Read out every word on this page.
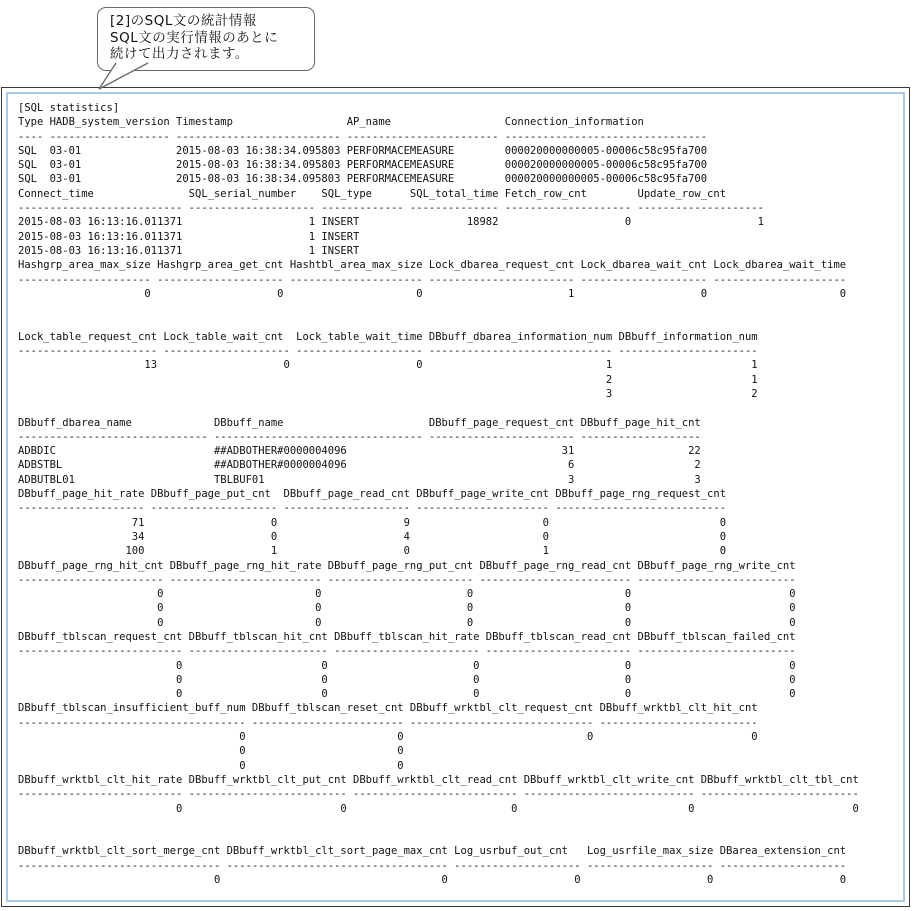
[2]のSQL文の統計情報
SQL文の実行情報のあとに
続けて出力されます。
[SQL statistics]
Type HADB_system_version Timestamp                  AP_name                  Connection_information
---- ------------------- -------------------------- ------------------------ --------------------------------
SQL  03-01               2015-08-03 16:38:34.095803 PERFORMACEMEASURE        000020000000005-00006c58c95fa700
SQL  03-01               2015-08-03 16:38:34.095803 PERFORMACEMEASURE        000020000000005-00006c58c95fa700
SQL  03-01               2015-08-03 16:38:34.095803 PERFORMACEMEASURE        000020000000005-00006c58c95fa700
Connect_time               SQL_serial_number    SQL_type      SQL_total_time Fetch_row_cnt        Update_row_cnt
-------------------------- -------------------- ------------- -------------- -------------------- --------------------
2015-08-03 16:13:16.011371                    1 INSERT                 18982                    0                    1
2015-08-03 16:13:16.011371                    1 INSERT
2015-08-03 16:13:16.011371                    1 INSERT
Hashgrp_area_max_size Hashgrp_area_get_cnt Hashtbl_area_max_size Lock_dbarea_request_cnt Lock_dbarea_wait_cnt Lock_dbarea_wait_time
--------------------- -------------------- --------------------- ----------------------- -------------------- ---------------------
0                    0                     0                       1                    0                     0

Lock_table_request_cnt Lock_table_wait_cnt  Lock_table_wait_time DBbuff_dbarea_information_num DBbuff_information_num
---------------------- -------------------- -------------------- ----------------------------- ----------------------
13                    0                    0                             1                      1
2                      1
3                      2

DBbuff_dbarea_name             DBbuff_name                       DBbuff_page_request_cnt DBbuff_page_hit_cnt
------------------------------ --------------------------------- ----------------------- -------------------
ADBDIC                         ##ADBOTHER#0000004096                                  31                  22
ADBSTBL                        ##ADBOTHER#0000004096                                   6                   2
ADBUTBL01                      TBLBUF01                                                3                   3
DBbuff_page_hit_rate DBbuff_page_put_cnt  DBbuff_page_read_cnt DBbuff_page_write_cnt DBbuff_page_rng_request_cnt
-------------------- -------------------- -------------------- --------------------- ---------------------------
71                    0                    9                     0                           0
34                    0                    4                     0                           0
100                    1                    0                     1                           0
DBbuff_page_rng_hit_cnt DBbuff_page_rng_hit_rate DBbuff_page_rng_put_cnt DBbuff_page_rng_read_cnt DBbuff_page_rng_write_cnt
----------------------- ------------------------ ----------------------- ------------------------ -------------------------
0                        0                       0                        0                         0
0                        0                       0                        0                         0
0                        0                       0                        0                         0
DBbuff_tblscan_request_cnt DBbuff_tblscan_hit_cnt DBbuff_tblscan_hit_rate DBbuff_tblscan_read_cnt DBbuff_tblscan_failed_cnt
-------------------------- ---------------------- ----------------------- ----------------------- -------------------------
0                      0                       0                       0                         0
0                      0                       0                       0                         0
0                      0                       0                       0                         0
DBbuff_tblscan_insufficient_buff_num DBbuff_tblscan_reset_cnt DBbuff_wrktbl_clt_request_cnt DBbuff_wrktbl_clt_hit_cnt
------------------------------------ ------------------------ ----------------------------- -------------------------
0                        0                             0                         0
0                        0
0                        0
DBbuff_wrktbl_clt_hit_rate DBbuff_wrktbl_clt_put_cnt DBbuff_wrktbl_clt_read_cnt DBbuff_wrktbl_clt_write_cnt DBbuff_wrktbl_clt_tbl_cnt
-------------------------- ------------------------- -------------------------- --------------------------- -------------------------
0                         0                          0                           0                         0

DBbuff_wrktbl_clt_sort_merge_cnt DBbuff_wrktbl_clt_sort_page_max_cnt Log_usrbuf_out_cnt   Log_usrfile_max_size DBarea_extension_cnt
-------------------------------- ----------------------------------- -------------------- -------------------- --------------------
0                                   0                    0                    0                    0
